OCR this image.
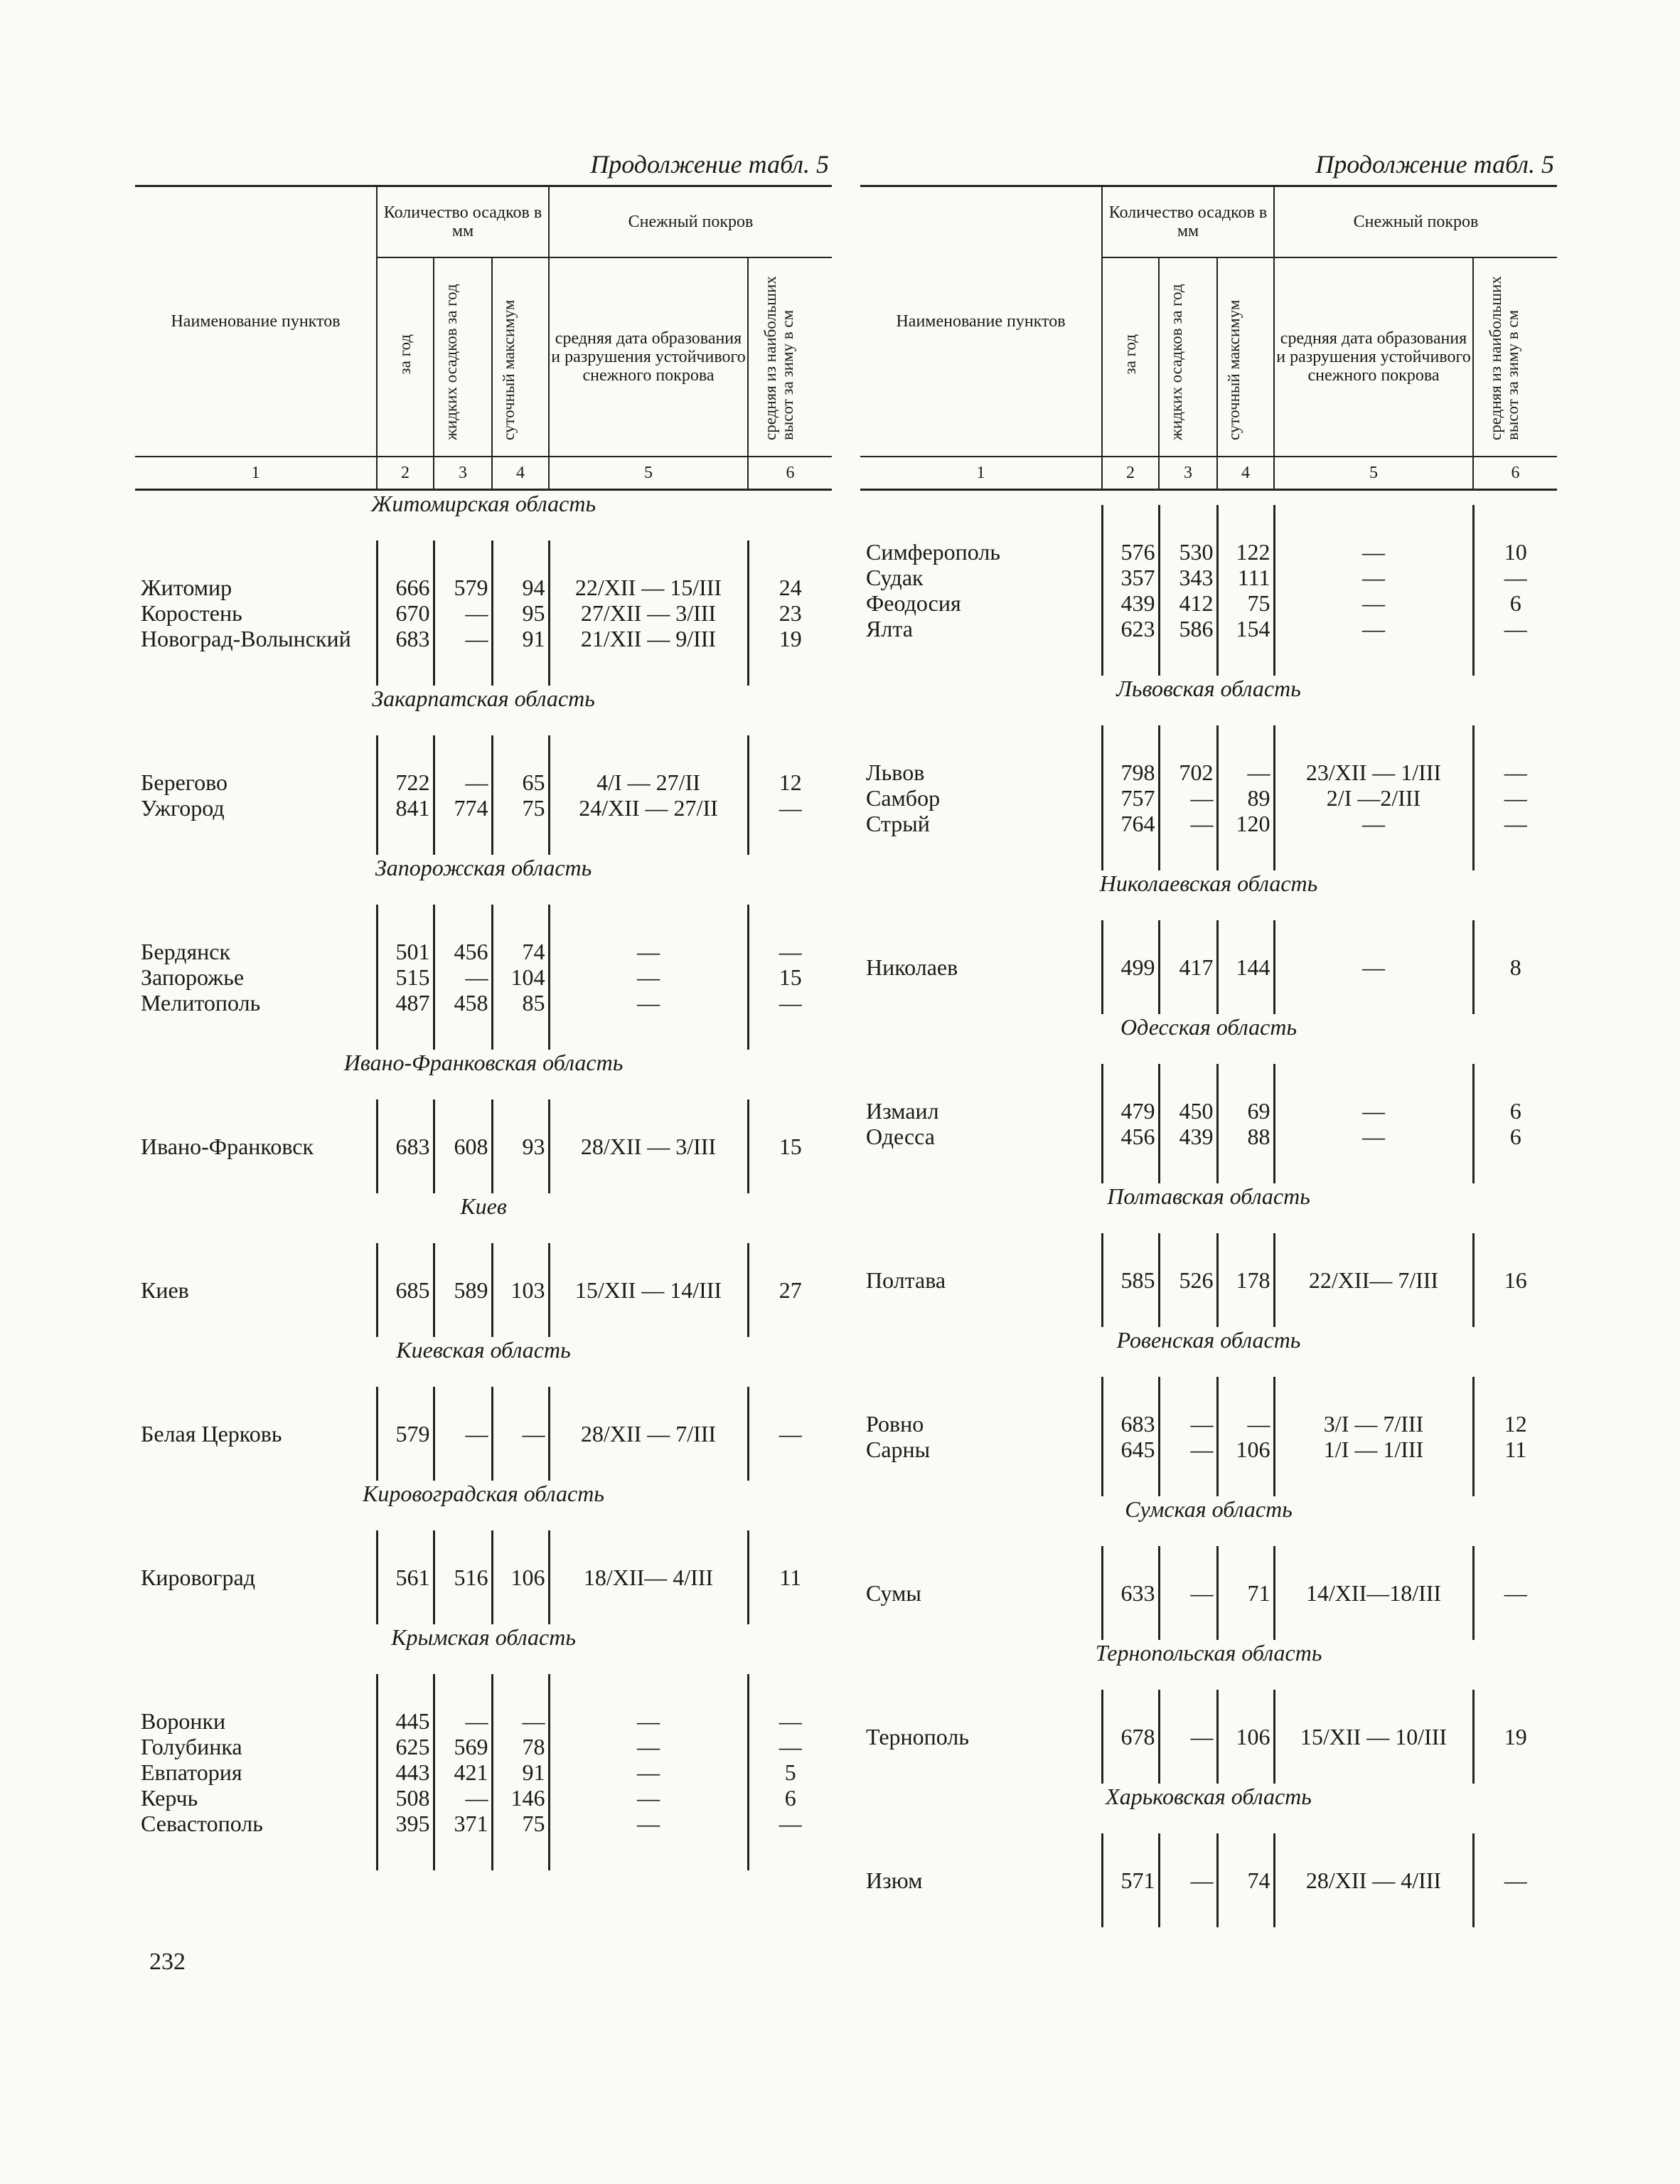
Продолжение табл. 5
Наименование пунктов	Количество осадков в мм			Снежный покров	
	за год	жидких осадков за год	суточный максимум	средняя дата образования и разрушения устойчивого снежного покрова	средняя из наибольших высот за зиму в см
1	2	3	4	5	6
Житомирская область					

Житомир	666	579	94	22/XII — 15/III	24
Коростень	670	—	95	27/XII — 3/III	23
Новоград-Волынский	683	—	91	21/XII — 9/III	19

Закарпатская область					

Берегово	722	—	65	4/I — 27/II	12
Ужгород	841	774	75	24/XII — 27/II	—

Запорожская область					

Бердянск	501	456	74	—	—
Запорожье	515	—	104	—	15
Мелитополь	487	458	85	—	—

Ивано-Франковская область					

Ивано-Франковск	683	608	93	28/XII — 3/III	15

Киев					

Киев	685	589	103	15/XII — 14/III	27

Киевская область					

Белая Церковь	579	—	—	28/XII — 7/III	—

Кировоградская область					

Кировоград	561	516	106	18/XII— 4/III	11

Крымская область					

Воронки	445	—	—	—	—
Голубинка	625	569	78	—	—
Евпатория	443	421	91	—	5
Керчь	508	—	146	—	6
Севастополь	395	371	75	—	—

Продолжение табл. 5
Наименование пунктов	Количество осадков в мм			Снежный покров	
	за год	жидких осадков за год	суточный максимум	средняя дата образования и разрушения устойчивого снежного покрова	средняя из наибольших высот за зиму в см
1	2	3	4	5	6

Симферополь	576	530	122	—	10
Судак	357	343	111	—	—
Феодосия	439	412	75	—	6
Ялта	623	586	154	—	—

Львовская область					

Львов	798	702	—	23/XII — 1/III	—
Самбор	757	—	89	2/I —2/III	—
Стрый	764	—	120	—	—

Николаевская область					

Николаев	499	417	144	—	8

Одесская область					

Измаил	479	450	69	—	6
Одесса	456	439	88	—	6

Полтавская область					

Полтава	585	526	178	22/XII— 7/III	16

Ровенская область					

Ровно	683	—	—	3/I — 7/III	12
Сарны	645	—	106	1/I — 1/III	11

Сумская область					

Сумы	633	—	71	14/XII—18/III	—

Тернопольская область					

Тернополь	678	—	106	15/XII — 10/III	19

Харьковская область					

Изюм	571	—	74	28/XII — 4/III	—

232
